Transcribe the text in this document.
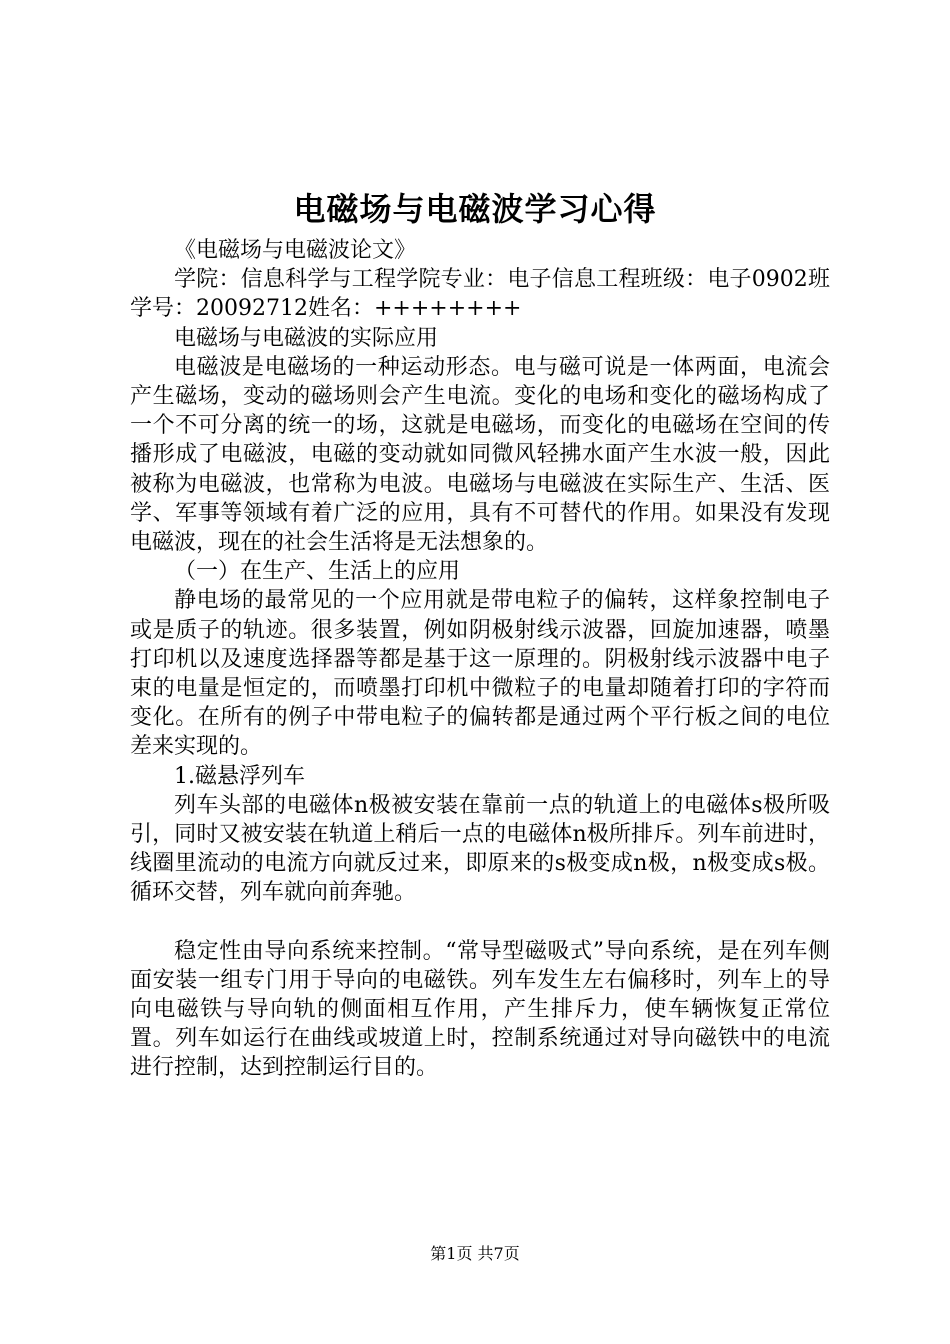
电磁场与电磁波学习心得

《电磁场与电磁波论文》

学院：信息科学与工程学院专业：电子信息工程班级：电子0902班学号：20092712姓名：++++++++

电磁场与电磁波的实际应用

电磁波是电磁场的一种运动形态。电与磁可说是一体两面，电流会产生磁场，变动的磁场则会产生电流。变化的电场和变化的磁场构成了一个不可分离的统一的场，这就是电磁场，而变化的电磁场在空间的传播形成了电磁波，电磁的变动就如同微风轻拂水面产生水波一般，因此被称为电磁波，也常称为电波。电磁场与电磁波在实际生产、生活、医学、军事等领域有着广泛的应用，具有不可替代的作用。如果没有发现电磁波，现在的社会生活将是无法想象的。

（一）在生产、生活上的应用

静电场的最常见的一个应用就是带电粒子的偏转，这样象控制电子或是质子的轨迹。很多装置，例如阴极射线示波器，回旋加速器，喷墨打印机以及速度选择器等都是基于这一原理的。阴极射线示波器中电子束的电量是恒定的，而喷墨打印机中微粒子的电量却随着打印的字符而变化。在所有的例子中带电粒子的偏转都是通过两个平行板之间的电位差来实现的。

1.磁悬浮列车

列车头部的电磁体n极被安装在靠前一点的轨道上的电磁体s极所吸引，同时又被安装在轨道上稍后一点的电磁体n极所排斥。列车前进时，线圈里流动的电流方向就反过来，即原来的s极变成n极，n极变成s极。循环交替，列车就向前奔驰。

稳定性由导向系统来控制。“常导型磁吸式”导向系统，是在列车侧面安装一组专门用于导向的电磁铁。列车发生左右偏移时，列车上的导向电磁铁与导向轨的侧面相互作用，产生排斥力，使车辆恢复正常位置。列车如运行在曲线或坡道上时，控制系统通过对导向磁铁中的电流进行控制，达到控制运行目的。

第1页 共7页
